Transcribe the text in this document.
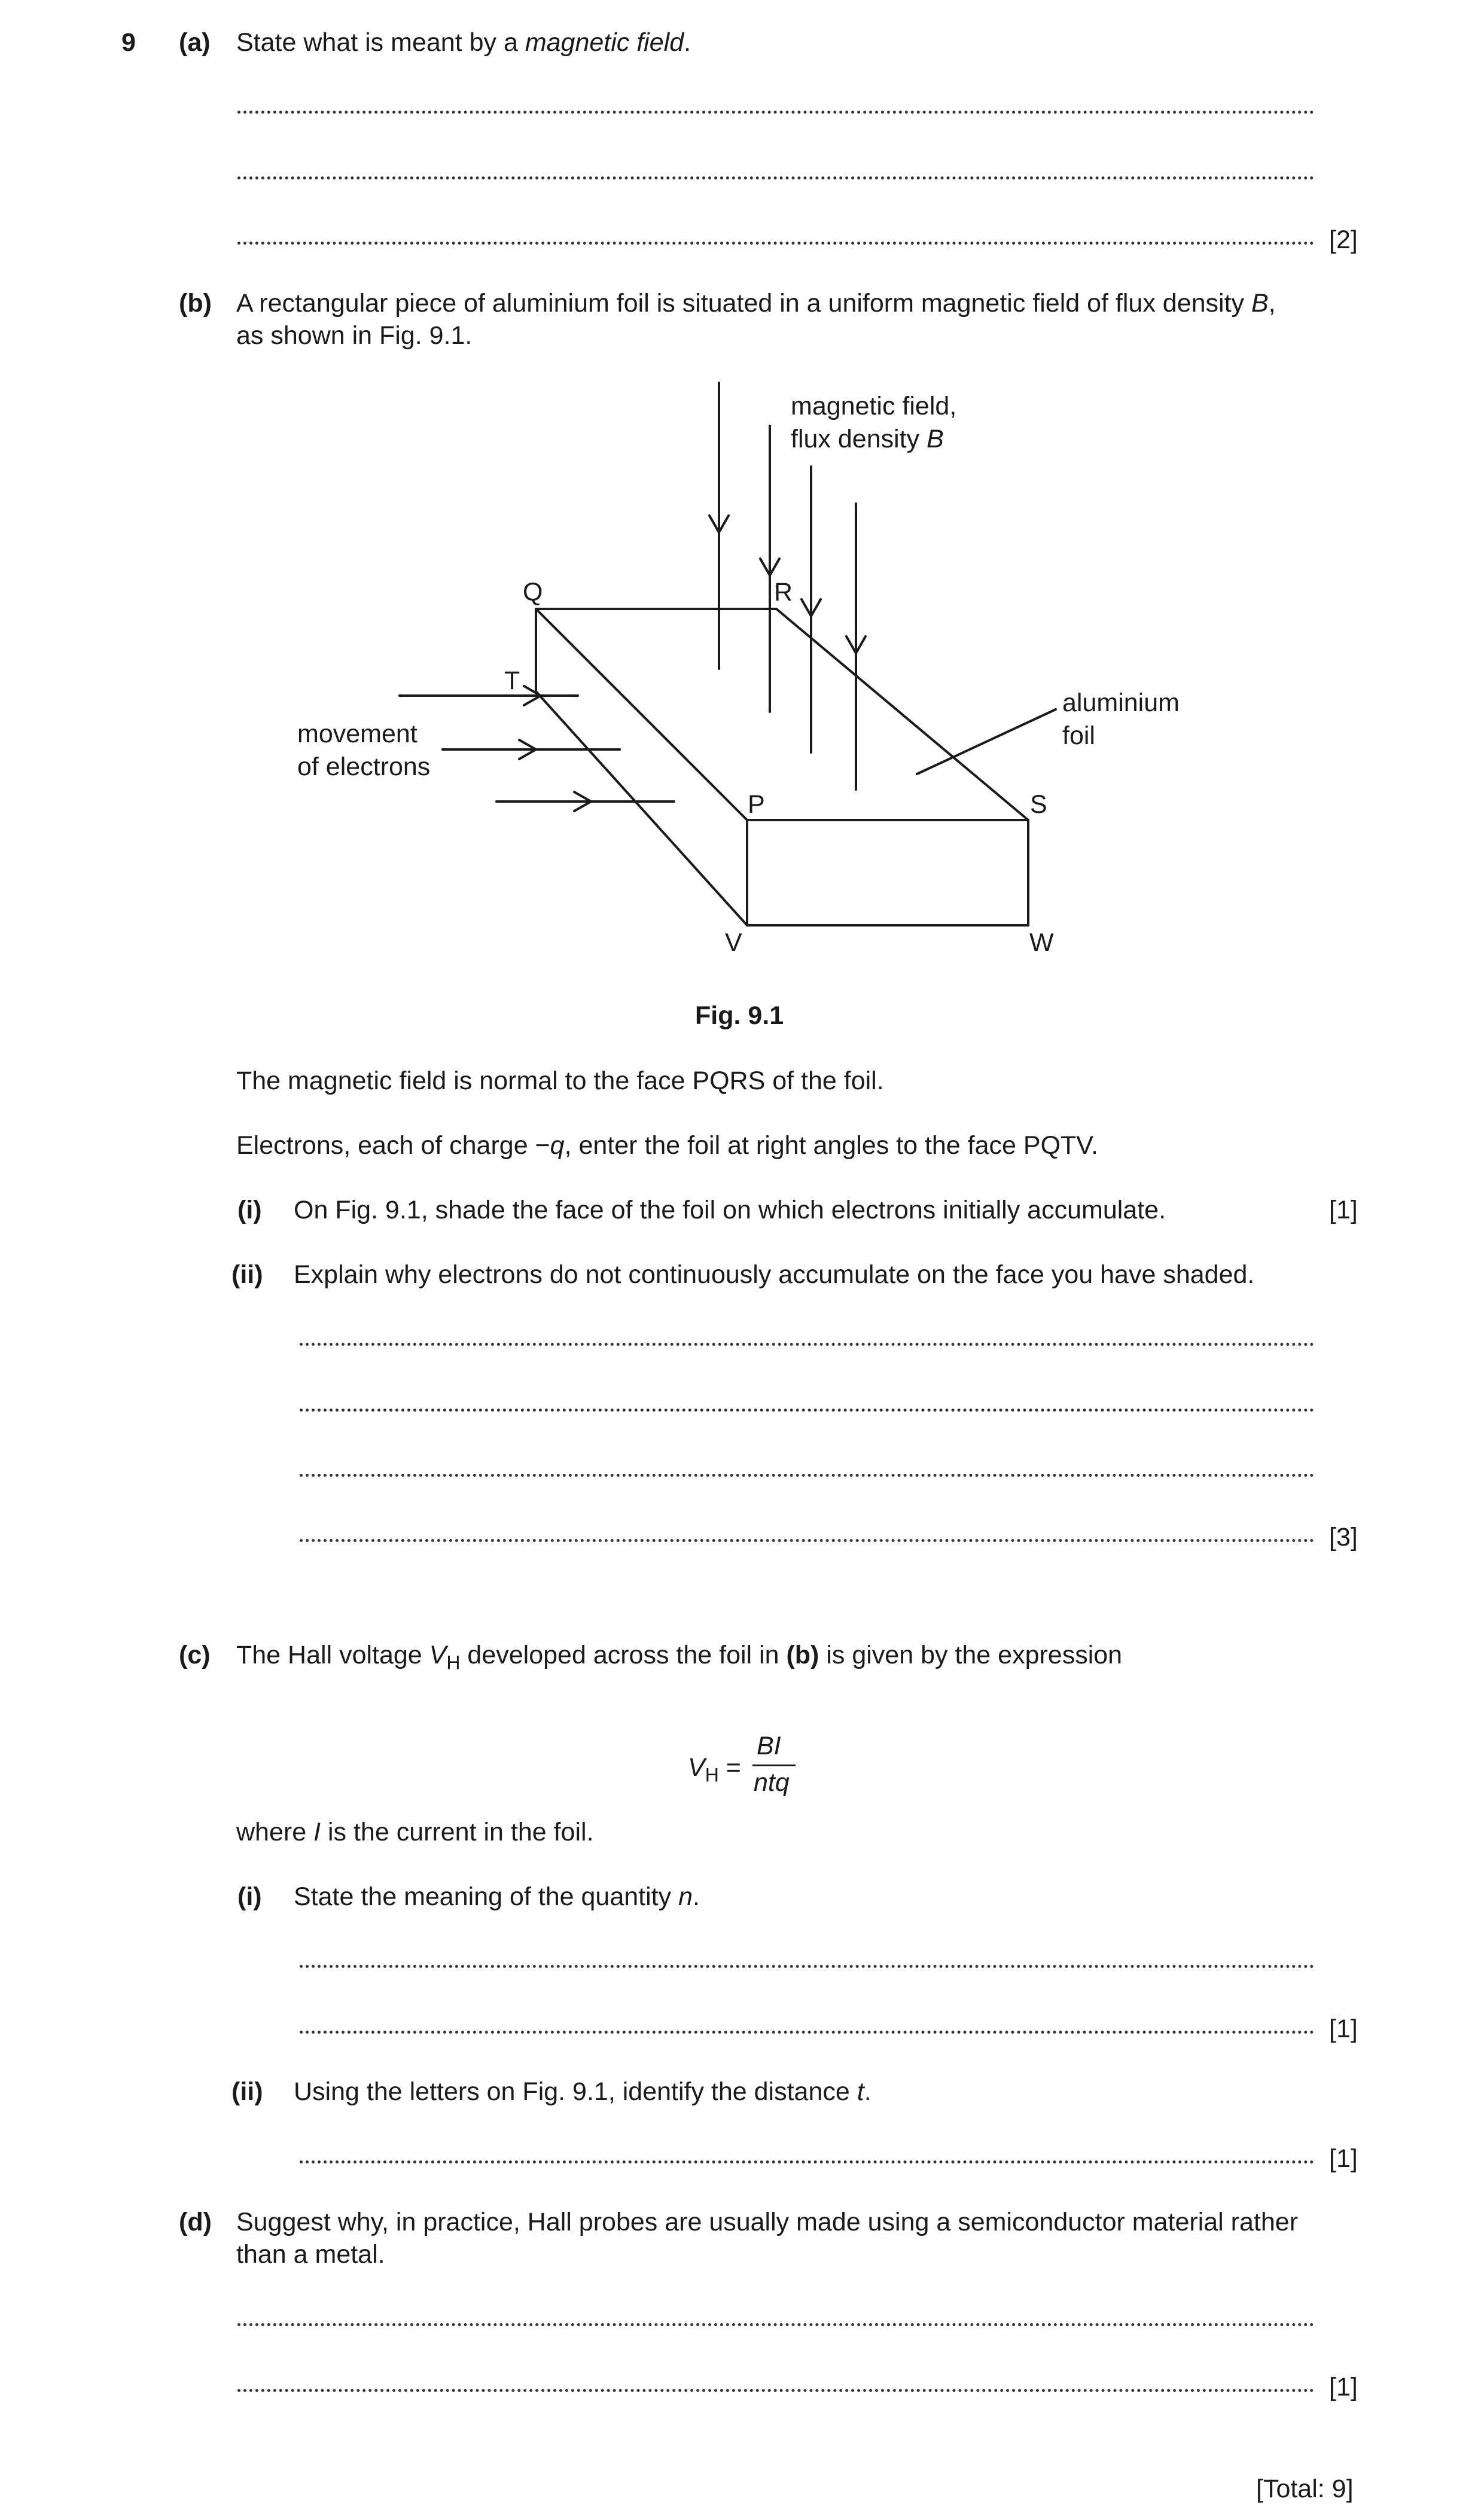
9 (a) State what is meant by a magnetic field.
[2]
(b) A rectangular piece of aluminium foil is situated in a uniform magnetic field of flux density B,
as shown in Fig. 9.1.
magnetic field,
flux density B
aluminium
foil
movement
of electrons
Q	R
T
P	S
V	W
Fig. 9.1
The magnetic field is normal to the face PQRS of the foil.
Electrons, each of charge −q, enter the foil at right angles to the face PQTV.
(i) On Fig. 9.1, shade the face of the foil on which electrons initially accumulate.	[1]
(ii) Explain why electrons do not continuously accumulate on the face you have shaded.
[3]
(c) The Hall voltage $V_H$ developed across the foil in (b) is given by the expression
$V_H$ =
BI
ntq
where I is the current in the foil.
(i) State the meaning of the quantity n.
[1]
(ii) Using the letters on Fig. 9.1, identify the distance t.
[1]
(d) Suggest why, in practice, Hall probes are usually made using a semiconductor material rather
than a metal.
[1]
[Total: 9]
